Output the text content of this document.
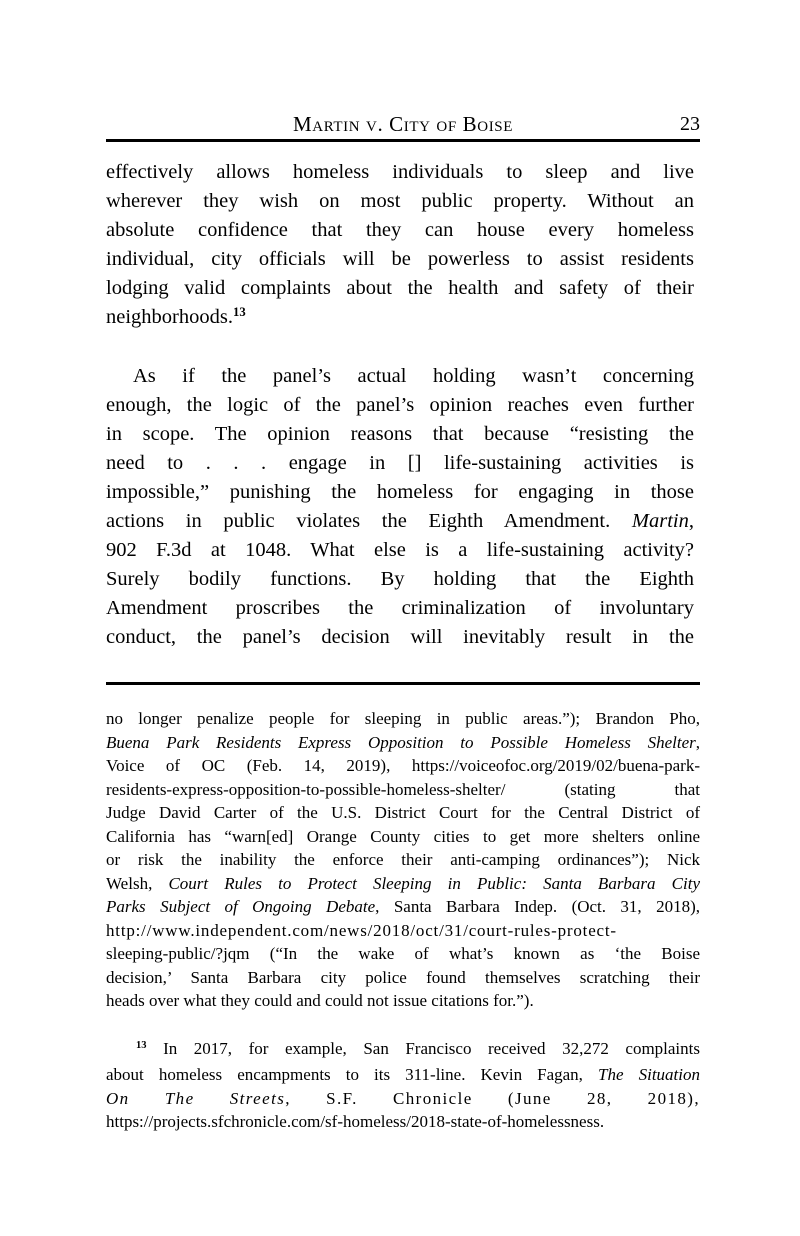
Martin v. City of Boise	23
effectively allows homeless individuals to sleep and live
wherever they wish on most public property. Without an
absolute confidence that they can house every homeless
individual, city officials will be powerless to assist residents
lodging valid complaints about the health and safety of their
neighborhoods.$^{13}$
As if the panel’s actual holding wasn’t concerning
enough, the logic of the panel’s opinion reaches even further
in scope. The opinion reasons that because “resisting the
need to . . . engage in [] life-sustaining activities is
impossible,” punishing the homeless for engaging in those
actions in public violates the Eighth Amendment. Martin,
902 F.3d at 1048. What else is a life-sustaining activity?
Surely bodily functions. By holding that the Eighth
Amendment proscribes the criminalization of involuntary
conduct, the panel’s decision will inevitably result in the
no longer penalize people for sleeping in public areas.”); Brandon Pho,
Buena Park Residents Express Opposition to Possible Homeless Shelter,
Voice of OC (Feb. 14, 2019), https://voiceofoc.org/2019/02/buena-park-
residents-express-opposition-to-possible-homeless-shelter/ (stating that
Judge David Carter of the U.S. District Court for the Central District of
California has “warn[ed] Orange County cities to get more shelters online
or risk the inability the enforce their anti-camping ordinances”); Nick
Welsh, Court Rules to Protect Sleeping in Public: Santa Barbara City
Parks Subject of Ongoing Debate, Santa Barbara Indep. (Oct. 31, 2018),
http://www.independent.com/news/2018/oct/31/court-rules-protect-
sleeping-public/?jqm (“In the wake of what’s known as ‘the Boise
decision,’ Santa Barbara city police found themselves scratching their
heads over what they could and could not issue citations for.”).
$^{13}$ In 2017, for example, San Francisco received 32,272 complaints
about homeless encampments to its 311-line. Kevin Fagan, The Situation
On The Streets, S.F. Chronicle (June 28, 2018),
https://projects.sfchronicle.com/sf-homeless/2018-state-of-homelessness.
